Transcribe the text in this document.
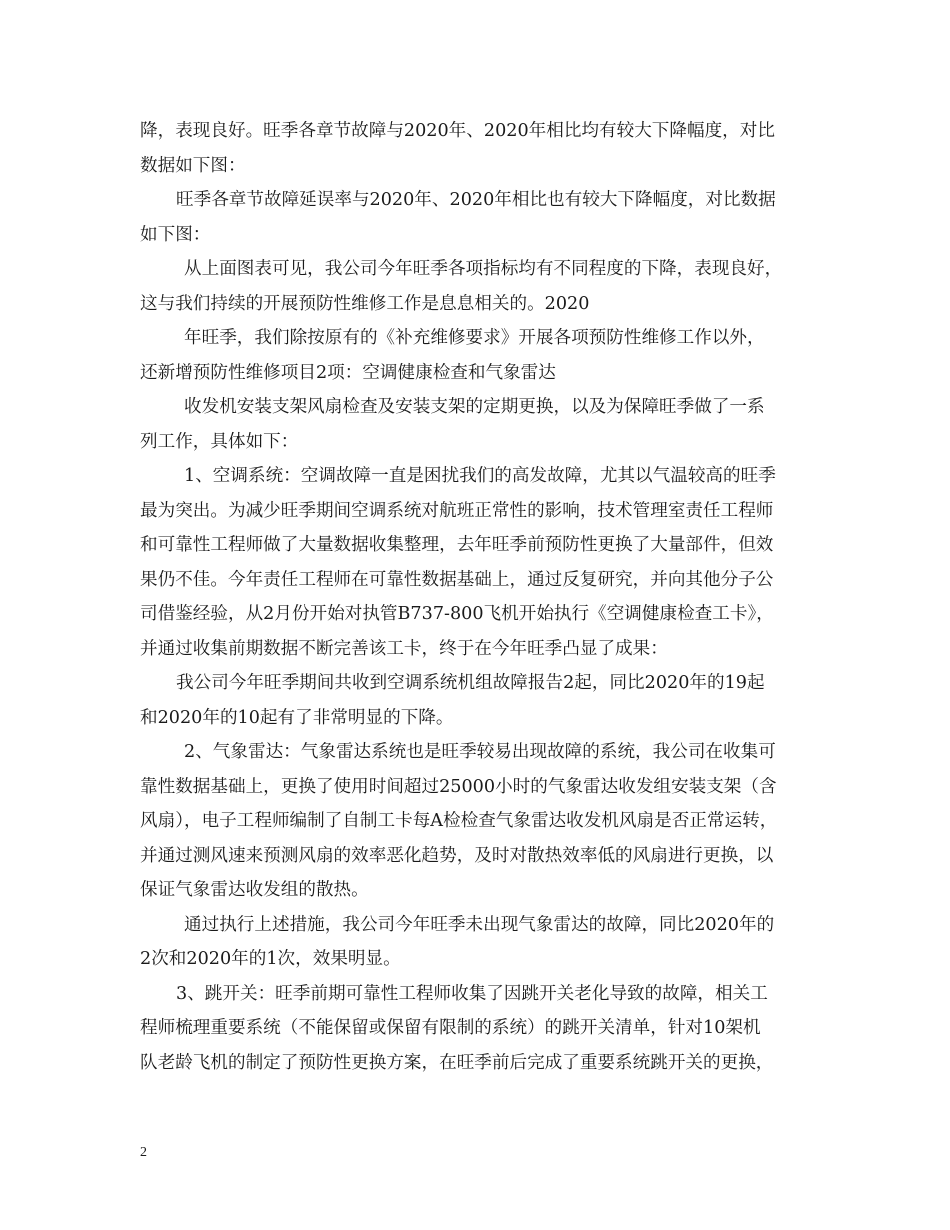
降，表现良好。旺季各章节故障与2020年、2020年相比均有较大下降幅度，对比
数据如下图：
旺季各章节故障延误率与2020年、2020年相比也有较大下降幅度，对比数据
如下图：
从上面图表可见，我公司今年旺季各项指标均有不同程度的下降，表现良好，
这与我们持续的开展预防性维修工作是息息相关的。2020
年旺季，我们除按原有的《补充维修要求》开展各项预防性维修工作以外，
还新增预防性维修项目2项：空调健康检查和气象雷达
收发机安装支架风扇检查及安装支架的定期更换，以及为保障旺季做了一系
列工作，具体如下：
1、空调系统：空调故障一直是困扰我们的高发故障，尤其以气温较高的旺季
最为突出。为减少旺季期间空调系统对航班正常性的影响，技术管理室责任工程师
和可靠性工程师做了大量数据收集整理，去年旺季前预防性更换了大量部件，但效
果仍不佳。今年责任工程师在可靠性数据基础上，通过反复研究，并向其他分子公
司借鉴经验，从2月份开始对执管B737-800飞机开始执行《空调健康检查工卡》，
并通过收集前期数据不断完善该工卡，终于在今年旺季凸显了成果：
我公司今年旺季期间共收到空调系统机组故障报告2起，同比2020年的19起
和2020年的10起有了非常明显的下降。
2、气象雷达：气象雷达系统也是旺季较易出现故障的系统，我公司在收集可
靠性数据基础上，更换了使用时间超过25000小时的气象雷达收发组安装支架（含
风扇），电子工程师编制了自制工卡每A检检查气象雷达收发机风扇是否正常运转，
并通过测风速来预测风扇的效率恶化趋势，及时对散热效率低的风扇进行更换，以
保证气象雷达收发组的散热。
通过执行上述措施，我公司今年旺季未出现气象雷达的故障，同比2020年的
2次和2020年的1次，效果明显。
3、跳开关：旺季前期可靠性工程师收集了因跳开关老化导致的故障，相关工
程师梳理重要系统（不能保留或保留有限制的系统）的跳开关清单，针对10架机
队老龄飞机的制定了预防性更换方案，在旺季前后完成了重要系统跳开关的更换，
2
